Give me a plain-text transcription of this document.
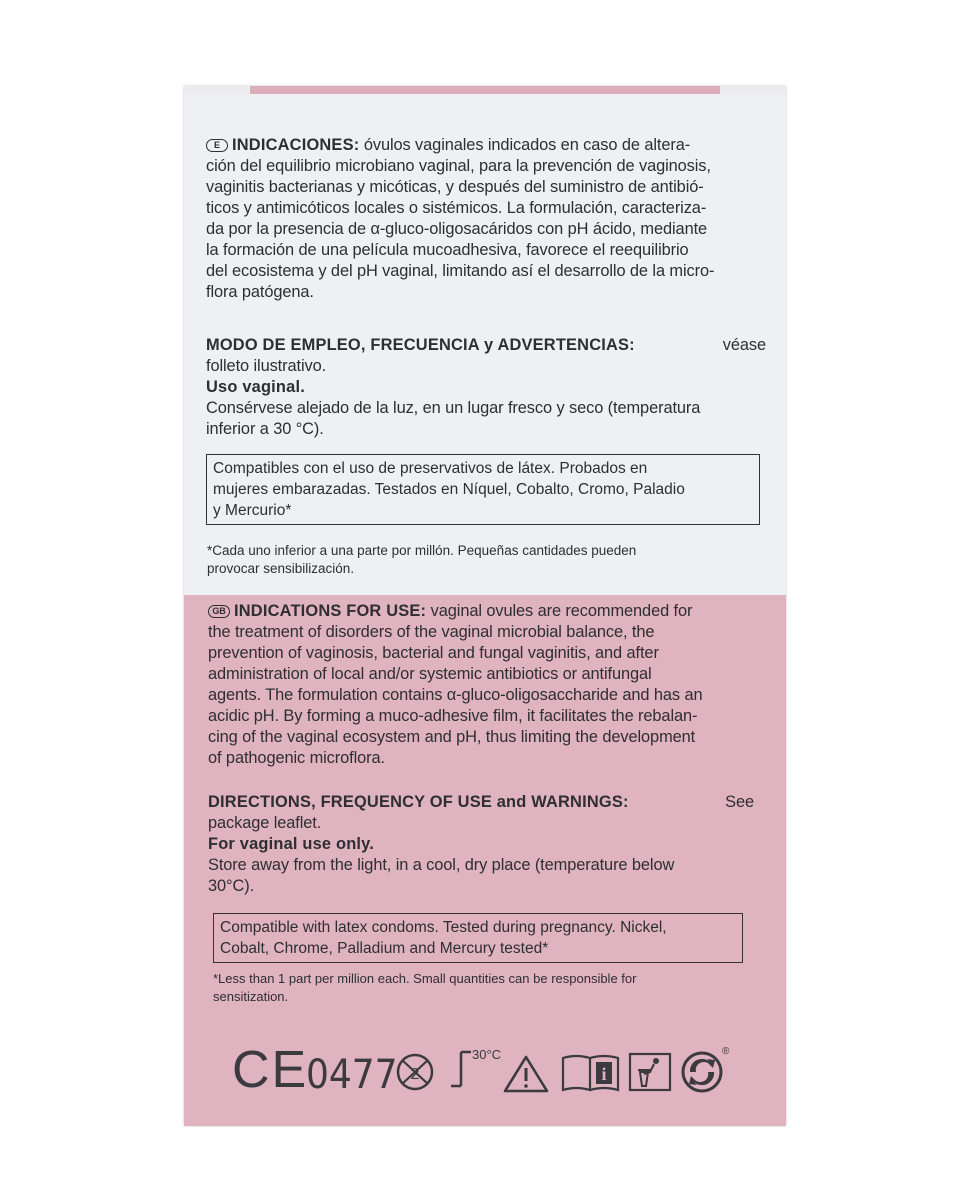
E INDICACIONES: óvulos vaginales indicados en caso de altera-
ción del equilibrio microbiano vaginal, para la prevención de vaginosis,
vaginitis bacterianas y micóticas, y después del suministro de antibió-
ticos y antimicóticos locales o sistémicos. La formulación, caracteriza-
da por la presencia de α-gluco-oligosacáridos con pH ácido, mediante
la formación de una película mucoadhesiva, favorece el reequilibrio
del ecosistema y del pH vaginal, limitando así el desarrollo de la micro-
flora patógena.
MODO DE EMPLEO, FRECUENCIA y ADVERTENCIAS:	véase
folleto ilustrativo.
Uso vaginal.
Consérvese alejado de la luz, en un lugar fresco y seco (temperatura
inferior a 30 °C).
Compatibles con el uso de preservativos de látex. Probados en
mujeres embarazadas. Testados en Níquel, Cobalto, Cromo, Paladio
y Mercurio*
*Cada uno inferior a una parte por millón. Pequeñas cantidades pueden
provocar sensibilización.
GB INDICATIONS FOR USE: vaginal ovules are recommended for
the treatment of disorders of the vaginal microbial balance, the
prevention of vaginosis, bacterial and fungal vaginitis, and after
administration of local and/or systemic antibiotics or antifungal
agents. The formulation contains α-gluco-oligosaccharide and has an
acidic pH. By forming a muco-adhesive film, it facilitates the rebalan-
cing of the vaginal ecosystem and pH, thus limiting the development
of pathogenic microflora.
DIRECTIONS, FREQUENCY OF USE and WARNINGS:	See
package leaflet.
For vaginal use only.
Store away from the light, in a cool, dry place (temperature below
30°C).
Compatible with latex condoms. Tested during pregnancy. Nickel,
Cobalt, Chrome, Palladium and Mercury tested*
*Less than 1 part per million each. Small quantities can be responsible for
sensitization.
CE
0477 2
30°C
i
®
